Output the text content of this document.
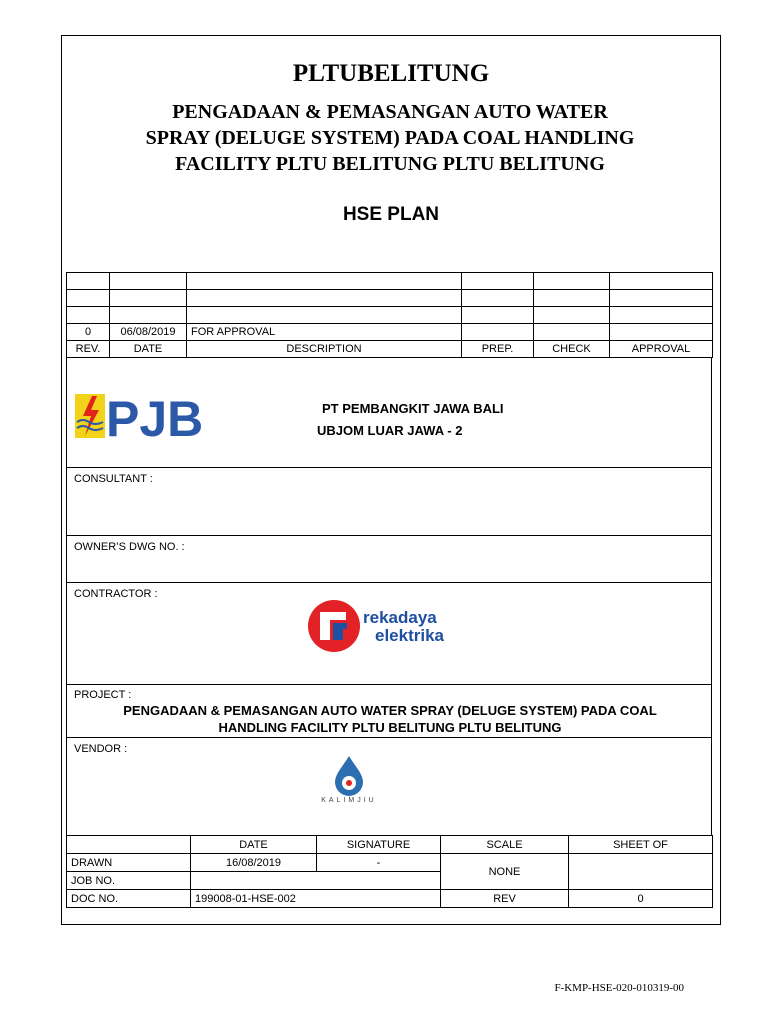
PLTUBELITUNG
PENGADAAN & PEMASANGAN AUTO WATER
SPRAY (DELUGE SYSTEM) PADA COAL HANDLING
FACILITY PLTU BELITUNG PLTU BELITUNG
HSE PLAN

0	06/08/2019	FOR APPROVAL			
REV.	DATE	DESCRIPTION	PREP.	CHECK	APPROVAL
PJB	PT PEMBANGKIT JAWA BALI
UBJOM LUAR JAWA - 2
CONSULTANT :
OWNER’S DWG NO. :
CONTRACTOR :
rekadaya
elektrika
PROJECT :
PENGADAAN & PEMASANGAN AUTO WATER SPRAY (DELUGE SYSTEM) PADA COAL
HANDLING FACILITY PLTU BELITUNG PLTU BELITUNG
VENDOR :
KALIMJIU
	DATE	SIGNATURE	SCALE	SHEET OF
DRAWN	16/08/2019	-	NONE	
JOB NO.				
DOC NO.	199008-01-HSE-002		REV	0
F-KMP-HSE-020-010319-00
